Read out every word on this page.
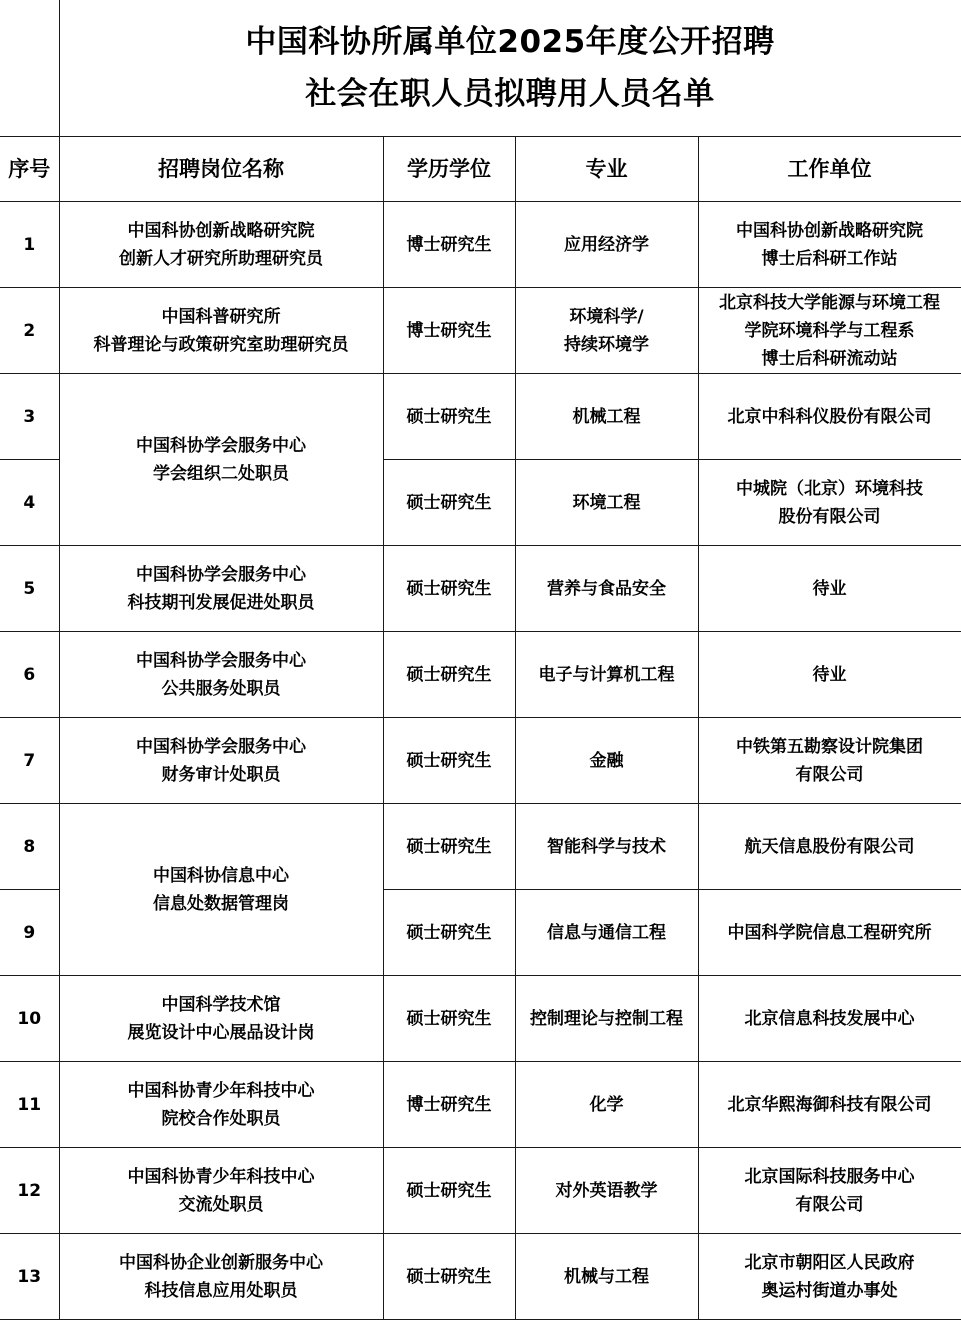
	中国科协所属单位2025年度公开招聘
社会在职人员拟聘用人员名单			

序号	招聘岗位名称	学历学位	专业	工作单位
1	中国科协创新战略研究院
创新人才研究所助理研究员	博士研究生	应用经济学	中国科协创新战略研究院
博士后科研工作站

2	中国科普研究所
科普理论与政策研究室助理研究员	博士研究生	环境科学/
持续环境学	北京科技大学能源与环境工程
学院环境科学与工程系
博士后科研流动站

3	中国科协学会服务中心
学会组织二处职员	硕士研究生	机械工程	北京中科科仪股份有限公司

4		硕士研究生	环境工程	中城院（北京）环境科技
股份有限公司

5	中国科协学会服务中心
科技期刊发展促进处职员	硕士研究生	营养与食品安全	待业

6	中国科协学会服务中心
公共服务处职员	硕士研究生	电子与计算机工程	待业

7	中国科协学会服务中心
财务审计处职员	硕士研究生	金融	中铁第五勘察设计院集团
有限公司

8	中国科协信息中心
信息处数据管理岗	硕士研究生	智能科学与技术	航天信息股份有限公司

9		硕士研究生	信息与通信工程	中国科学院信息工程研究所

10	中国科学技术馆
展览设计中心展品设计岗	硕士研究生	控制理论与控制工程	北京信息科技发展中心

11	中国科协青少年科技中心
院校合作处职员	博士研究生	化学	北京华熙海御科技有限公司

12	中国科协青少年科技中心
交流处职员	硕士研究生	对外英语教学	北京国际科技服务中心
有限公司

13	中国科协企业创新服务中心
科技信息应用处职员	硕士研究生	机械与工程	北京市朝阳区人民政府
奥运村街道办事处
